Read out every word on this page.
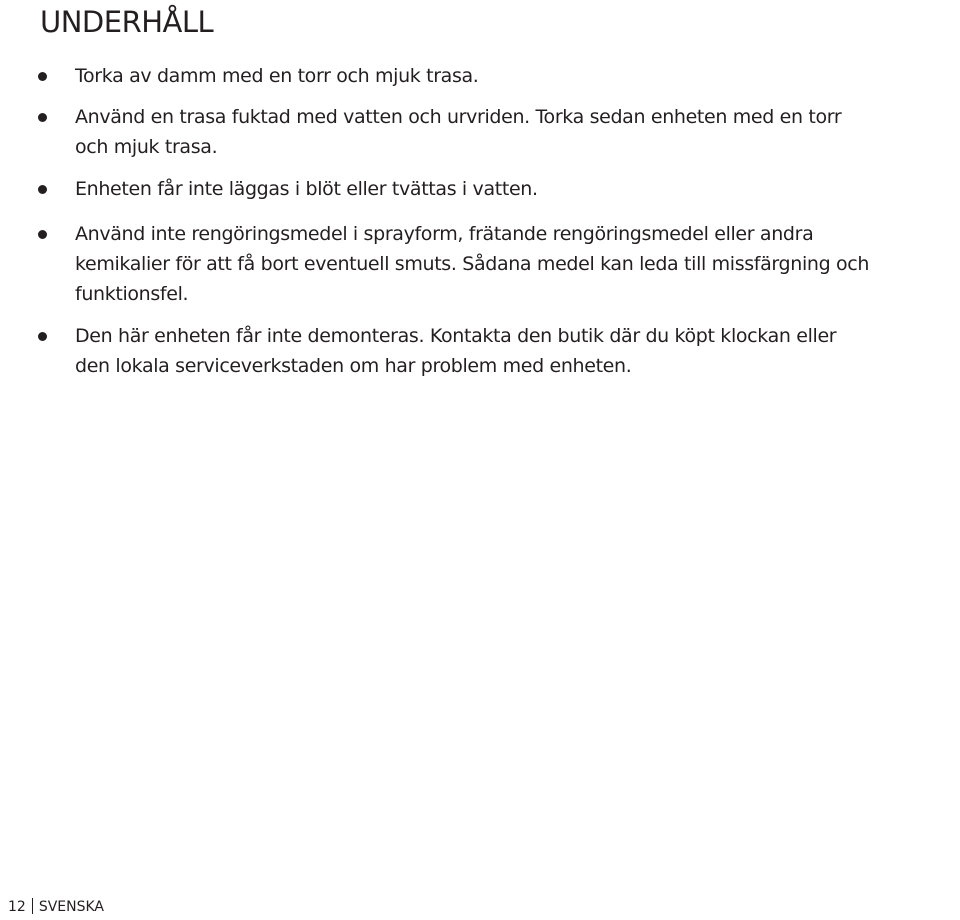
UNDERHÅLL
Torka av damm med en torr och mjuk trasa.
Använd en trasa fuktad med vatten och urvriden. Torka sedan enheten med en torr
och mjuk trasa.
Enheten får inte läggas i blöt eller tvättas i vatten.
Använd inte rengöringsmedel i sprayform, frätande rengöringsmedel eller andra
kemikalier för att få bort eventuell smuts. Sådana medel kan leda till missfärgning och
funktionsfel.
Den här enheten får inte demonteras. Kontakta den butik där du köpt klockan eller
den lokala serviceverkstaden om har problem med enheten.
12 SVENSKA
